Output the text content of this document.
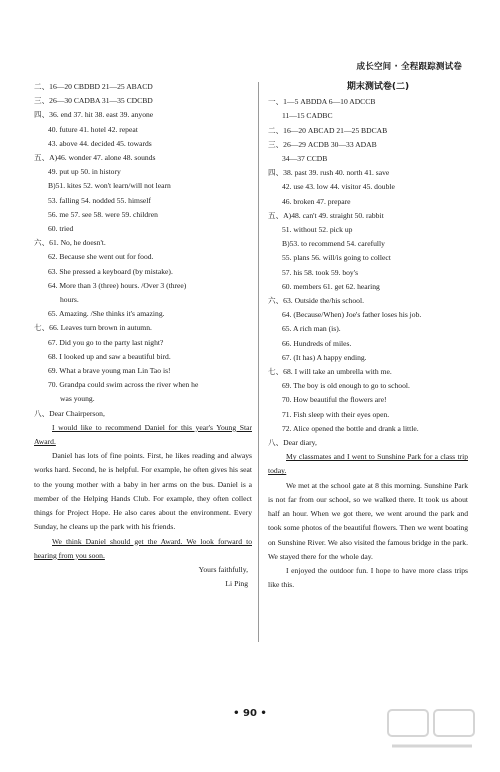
成长空间 · 全程跟踪测试卷
二、16—20 CBDBD 21—25 ABACD
三、26—30 CADBA 31—35 CDCBD
四、36. end 37. hit 38. east 39. anyone
40. future 41. hotel 42. repeat
43. above 44. decided 45. towards
五、A)46. wonder 47. alone 48. sounds
49. put up 50. in history
B)51. kites 52. won't learn/will not learn
53. falling 54. nodded 55. himself
56. me 57. see 58. were 59. children
60. tried
六、61. No, he doesn't.
62. Because she went out for food.
63. She pressed a keyboard (by mistake).
64. More than 3 (three) hours. /Over 3 (three)
hours.
65. Amazing. /She thinks it's amazing.
七、66. Leaves turn brown in autumn.
67. Did you go to the party last night?
68. I looked up and saw a beautiful bird.
69. What a brave young man Lin Tao is!
70. Grandpa could swim across the river when he
was young.
八、Dear Chairperson,
I would like to recommend Daniel for this year's Young Star Award.
Daniel has lots of fine points. First, he likes reading and always works hard. Second, he is helpful. For example, he often gives his seat to the young mother with a baby in her arms on the bus. Daniel is a member of the Helping Hands Club. For example, they often collect things for Project Hope. He also cares about the environment. Every Sunday, he cleans up the park with his friends.
We think Daniel should get the Award. We look forward to hearing from you soon.
Yours faithfully,
Li Ping
期末测试卷(二)
一、1—5 ABDDA 6—10 ADCCB
11—15 CADBC
二、16—20 ABCAD 21—25 BDCAB
三、26—29 ACDB 30—33 ADAB
34—37 CCDB
四、38. past 39. rush 40. north 41. save
42. use 43. low 44. visitor 45. double
46. broken 47. prepare
五、A)48. can't 49. straight 50. rabbit
51. without 52. pick up
B)53. to recommend 54. carefully
55. plans 56. will/is going to collect
57. his 58. took 59. boy's
60. members 61. get 62. hearing
六、63. Outside the/his school.
64. (Because/When) Joe's father loses his job.
65. A rich man (is).
66. Hundreds of miles.
67. (It has) A happy ending.
七、68. I will take an umbrella with me.
69. The boy is old enough to go to school.
70. How beautiful the flowers are!
71. Fish sleep with their eyes open.
72. Alice opened the bottle and drank a little.
八、Dear diary,
My classmates and I went to Sunshine Park for a class trip today.
We met at the school gate at 8 this morning. Sunshine Park is not far from our school, so we walked there. It took us about half an hour. When we got there, we went around the park and took some photos of the beautiful flowers. Then we went boating on Sunshine River. We also visited the famous bridge in the park. We stayed there for the whole day.
I enjoyed the outdoor fun. I hope to have more class trips like this.
• 90 •
